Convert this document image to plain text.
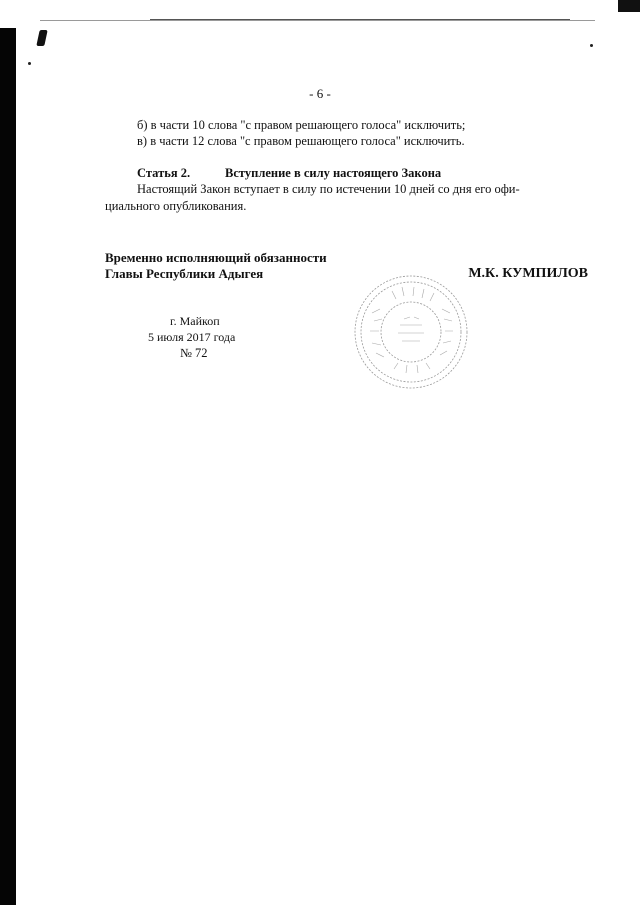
- 6 -
б) в части 10 слова "с правом решающего голоса" исключить;
в) в части 12 слова "с правом решающего голоса" исключить.
Статья 2.	Вступление в силу настоящего Закона
Настоящий Закон вступает в силу по истечении 10 дней со дня его офи-
циального опубликования.
Временно исполняющий обязанности
Главы Республики Адыгея	М.К. КУМПИЛОВ
г. Майкоп
5 июля 2017 года
№ 72
